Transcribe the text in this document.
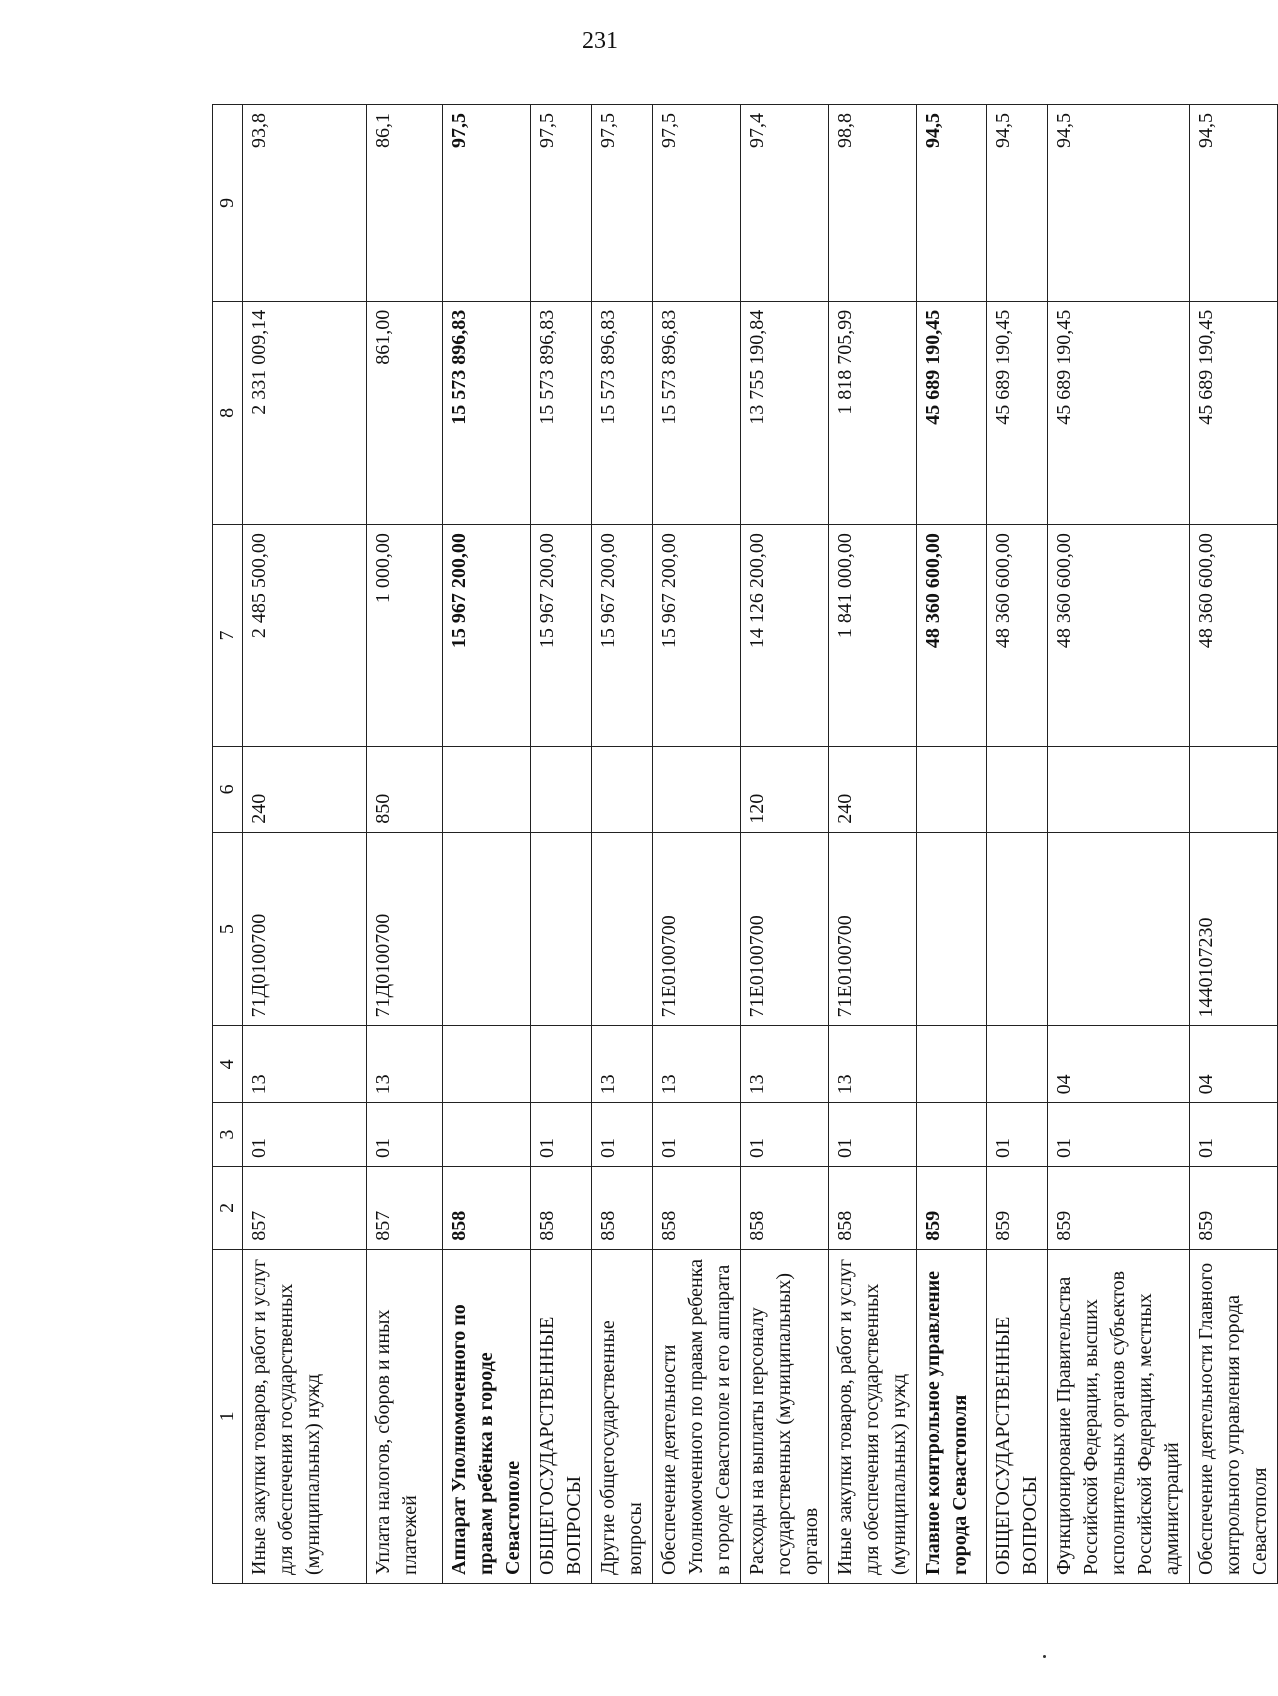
231
1	2	3	4	5	6	7	8	9
Иные закупки товаров, работ и услуг для обеспечения государственных (муниципальных) нужд	857	01	13	71Д0100700	240	2 485 500,00	2 331 009,14	93,8
Уплата налогов, сборов и иных платежей	857	01	13	71Д0100700	850	1 000,00	861,00	86,1
Аппарат Уполномоченного по правам ребёнка в городе Севастополе	858					15 967 200,00	15 573 896,83	97,5
ОБЩЕГОСУДАРСТВЕННЫЕ ВОПРОСЫ	858	01				15 967 200,00	15 573 896,83	97,5
Другие общегосударственные вопросы	858	01	13			15 967 200,00	15 573 896,83	97,5
Обеспечение деятельности Уполномоченного по правам ребенка в городе Севастополе и его аппарата	858	01	13	71Е0100700		15 967 200,00	15 573 896,83	97,5
Расходы на выплаты персоналу государственных (муниципальных) органов	858	01	13	71Е0100700	120	14 126 200,00	13 755 190,84	97,4
Иные закупки товаров, работ и услуг для обеспечения государственных (муниципальных) нужд	858	01	13	71Е0100700	240	1 841 000,00	1 818 705,99	98,8
Главное контрольное управление города Севастополя	859					48 360 600,00	45 689 190,45	94,5
ОБЩЕГОСУДАРСТВЕННЫЕ ВОПРОСЫ	859	01				48 360 600,00	45 689 190,45	94,5
Функционирование Правительства Российской Федерации, высших исполнительных органов субъектов Российской Федерации, местных администраций	859	01	04			48 360 600,00	45 689 190,45	94,5
Обеспечение деятельности Главного контрольного управления города Севастополя	859	01	04	1440107230		48 360 600,00	45 689 190,45	94,5
